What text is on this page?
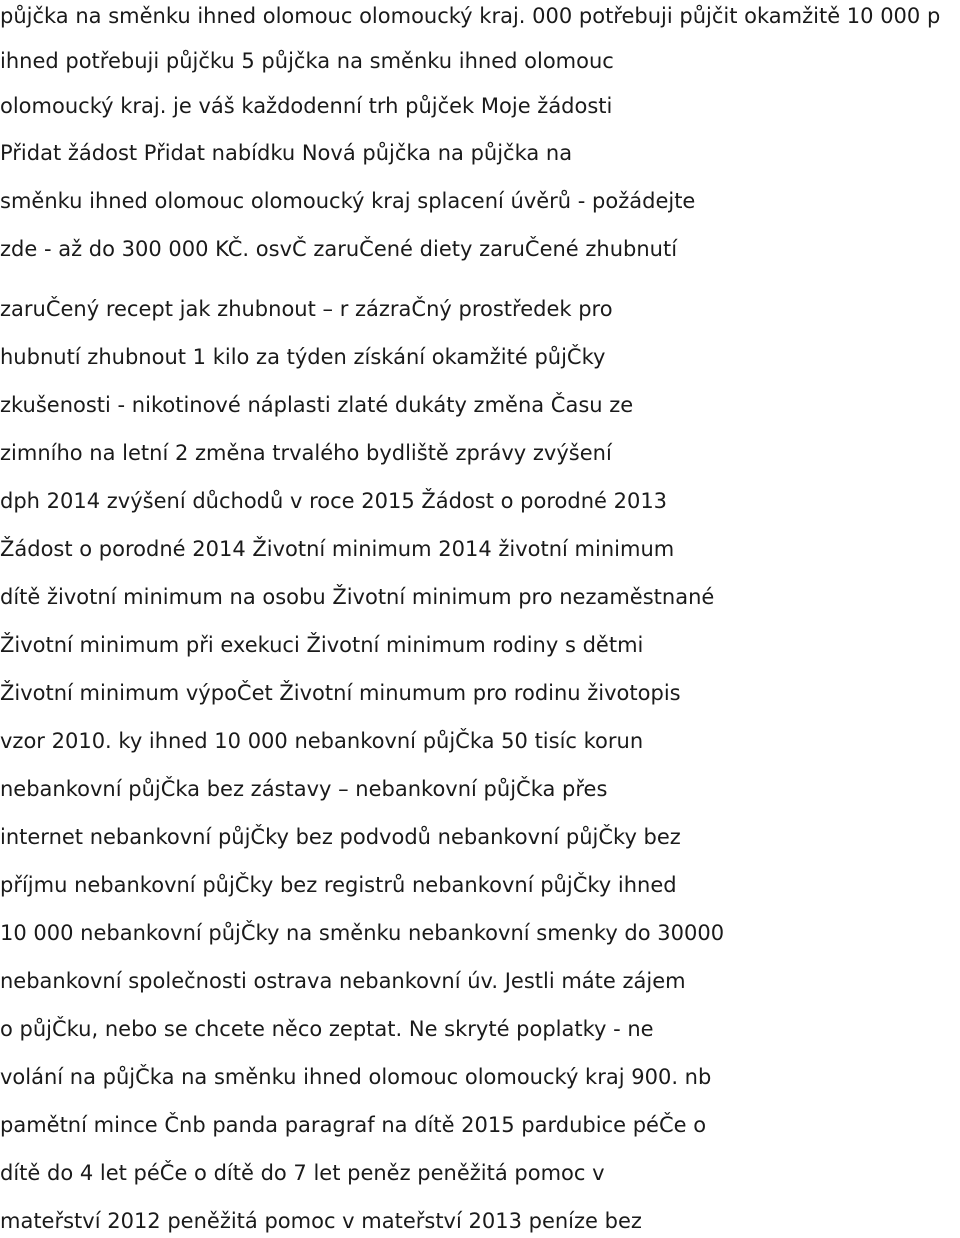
půjčka na směnku ihned olomouc olomoucký kraj. 000 potřebuji půjčit okamžitě 10 000 p
ihned potřebuji půjčku 5 půjčka na směnku ihned olomouc
olomoucký kraj. je váš každodenní trh půjček Moje žádosti
Přidat žádost Přidat nabídku Nová půjčka na půjčka na
směnku ihned olomouc olomoucký kraj splacení úvěrů - požádejte
zde - až do 300 000 KČ. osvČ zaruČené diety zaruČené zhubnutí
zaruČený recept jak zhubnout – r zázraČný prostředek pro
hubnutí zhubnout 1 kilo za týden získání okamžité půjČky
zkušenosti - nikotinové náplasti zlaté dukáty změna Času ze
zimního na letní 2 změna trvalého bydliště zprávy zvýšení
dph 2014 zvýšení důchodů v roce 2015 Žádost o porodné 2013
Žádost o porodné 2014 Životní minimum 2014 životní minimum
dítě životní minimum na osobu Životní minimum pro nezaměstnané
Životní minimum při exekuci Životní minimum rodiny s dětmi
Životní minimum výpoČet Životní minumum pro rodinu životopis
vzor 2010. ky ihned 10 000 nebankovní půjČka 50 tisíc korun
nebankovní půjČka bez zástavy – nebankovní půjČka přes
internet nebankovní půjČky bez podvodů nebankovní půjČky bez
příjmu nebankovní půjČky bez registrů nebankovní půjČky ihned
10 000 nebankovní půjČky na směnku nebankovní smenky do 30000
nebankovní společnosti ostrava nebankovní úv. Jestli máte zájem
o půjČku, nebo se chcete něco zeptat. Ne skryté poplatky - ne
volání na půjČka na směnku ihned olomouc olomoucký kraj 900. nb
pamětní mince Čnb panda paragraf na dítě 2015 pardubice péČe o
dítě do 4 let péČe o dítě do 7 let peněz peněžitá pomoc v
mateřství 2012 peněžitá pomoc v mateřství 2013 peníze bez
